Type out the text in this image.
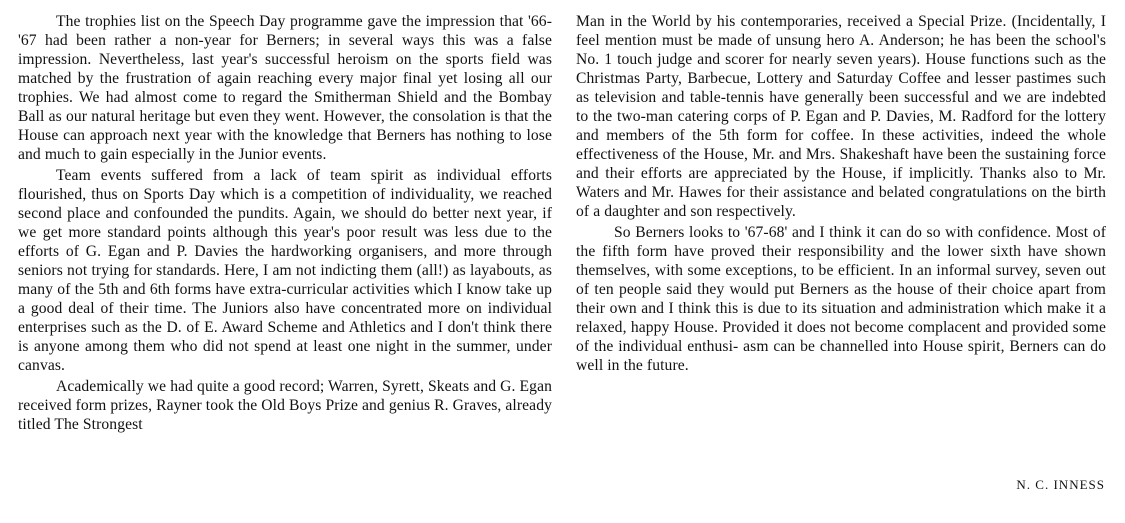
The trophies list on the Speech Day programme gave the impression that '66-'67 had been rather a non-year for Berners; in several ways this was a false impression. Nevertheless, last year's successful heroism on the sports field was matched by the frustration of again reaching every major final yet losing all our trophies. We had almost come to regard the Smitherman Shield and the Bombay Ball as our natural heritage but even they went. However, the consolation is that the House can approach next year with the knowledge that Berners has nothing to lose and much to gain especially in the Junior events.

Team events suffered from a lack of team spirit as individual efforts flourished, thus on Sports Day which is a competition of individuality, we reached second place and confounded the pundits. Again, we should do better next year, if we get more standard points although this year's poor result was less due to the efforts of G. Egan and P. Davies the hardworking organisers, and more through seniors not trying for standards. Here, I am not indicting them (all!) as layabouts, as many of the 5th and 6th forms have extra-curricular activities which I know take up a good deal of their time. The Juniors also have concentrated more on individual enterprises such as the D. of E. Award Scheme and Athletics and I don't think there is anyone among them who did not spend at least one night in the summer, under canvas.

Academically we had quite a good record; Warren, Syrett, Skeats and G. Egan received form prizes, Rayner took the Old Boys Prize and genius R. Graves, already titled The Strongest

Man in the World by his contemporaries, received a Special Prize. (Incidentally, I feel mention must be made of unsung hero A. Anderson; he has been the school's No. 1 touch judge and scorer for nearly seven years). House functions such as the Christmas Party, Barbecue, Lottery and Saturday Coffee and lesser pastimes such as television and table-tennis have generally been successful and we are indebted to the two-man catering corps of P. Egan and P. Davies, M. Radford for the lottery and members of the 5th form for coffee. In these activities, indeed the whole effectiveness of the House, Mr. and Mrs. Shakeshaft have been the sustaining force and their efforts are appreciated by the House, if implicitly. Thanks also to Mr. Waters and Mr. Hawes for their assistance and belated congratulations on the birth of a daughter and son respectively.

So Berners looks to '67-68' and I think it can do so with confidence. Most of the fifth form have proved their responsibility and the lower sixth have shown themselves, with some exceptions, to be efficient. In an informal survey, seven out of ten people said they would put Berners as the house of their choice apart from their own and I think this is due to its situation and administration which make it a relaxed, happy House. Provided it does not become complacent and provided some of the individual enthusi- asm can be channelled into House spirit, Berners can do well in the future.

N. C. INNESS
